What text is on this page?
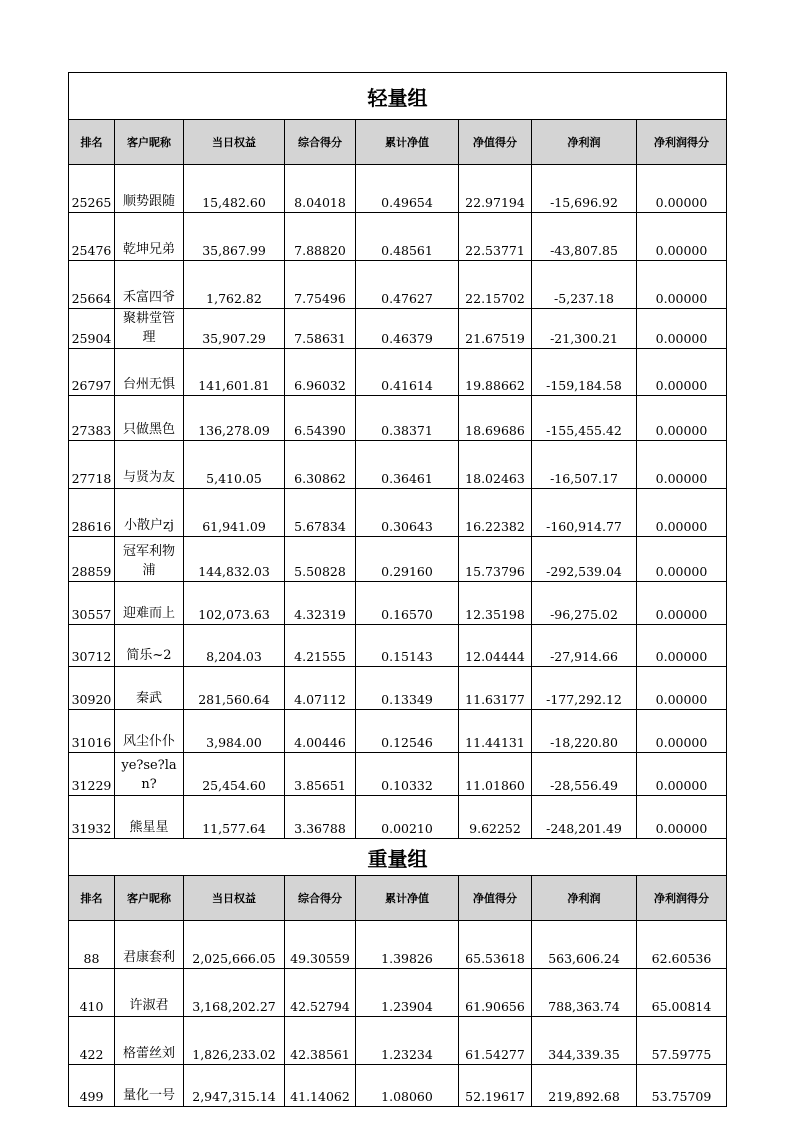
轻量组							
排名	客户昵称	当日权益	综合得分	累计净值	净值得分	净利润	净利润得分
25265	顺势跟随	15,482.60	8.04018	0.49654	22.97194	-15,696.92	0.00000
25476	乾坤兄弟	35,867.99	7.88820	0.48561	22.53771	-43,807.85	0.00000
25664	禾富四爷	1,762.82	7.75496	0.47627	22.15702	-5,237.18	0.00000
25904	聚耕堂管理	35,907.29	7.58631	0.46379	21.67519	-21,300.21	0.00000
26797	台州无惧	141,601.81	6.96032	0.41614	19.88662	-159,184.58	0.00000
27383	只做黑色	136,278.09	6.54390	0.38371	18.69686	-155,455.42	0.00000
27718	与贤为友	5,410.05	6.30862	0.36461	18.02463	-16,507.17	0.00000
28616	小散户zj	61,941.09	5.67834	0.30643	16.22382	-160,914.77	0.00000
28859	冠军利物浦	144,832.03	5.50828	0.29160	15.73796	-292,539.04	0.00000
30557	迎难而上	102,073.63	4.32319	0.16570	12.35198	-96,275.02	0.00000
30712	简乐~2	8,204.03	4.21555	0.15143	12.04444	-27,914.66	0.00000
30920	秦武	281,560.64	4.07112	0.13349	11.63177	-177,292.12	0.00000
31016	风尘仆仆	3,984.00	4.00446	0.12546	11.44131	-18,220.80	0.00000
31229	ye?se?lan?	25,454.60	3.85651	0.10332	11.01860	-28,556.49	0.00000
31932	熊星星	11,577.64	3.36788	0.00210	9.62252	-248,201.49	0.00000
重量组							
排名	客户昵称	当日权益	综合得分	累计净值	净值得分	净利润	净利润得分
88	君康套利	2,025,666.05	49.30559	1.39826	65.53618	563,606.24	62.60536
410	许淑君	3,168,202.27	42.52794	1.23904	61.90656	788,363.74	65.00814
422	格蕾丝刘	1,826,233.02	42.38561	1.23234	61.54277	344,339.35	57.59775
499	量化一号	2,947,315.14	41.14062	1.08060	52.19617	219,892.68	53.75709
